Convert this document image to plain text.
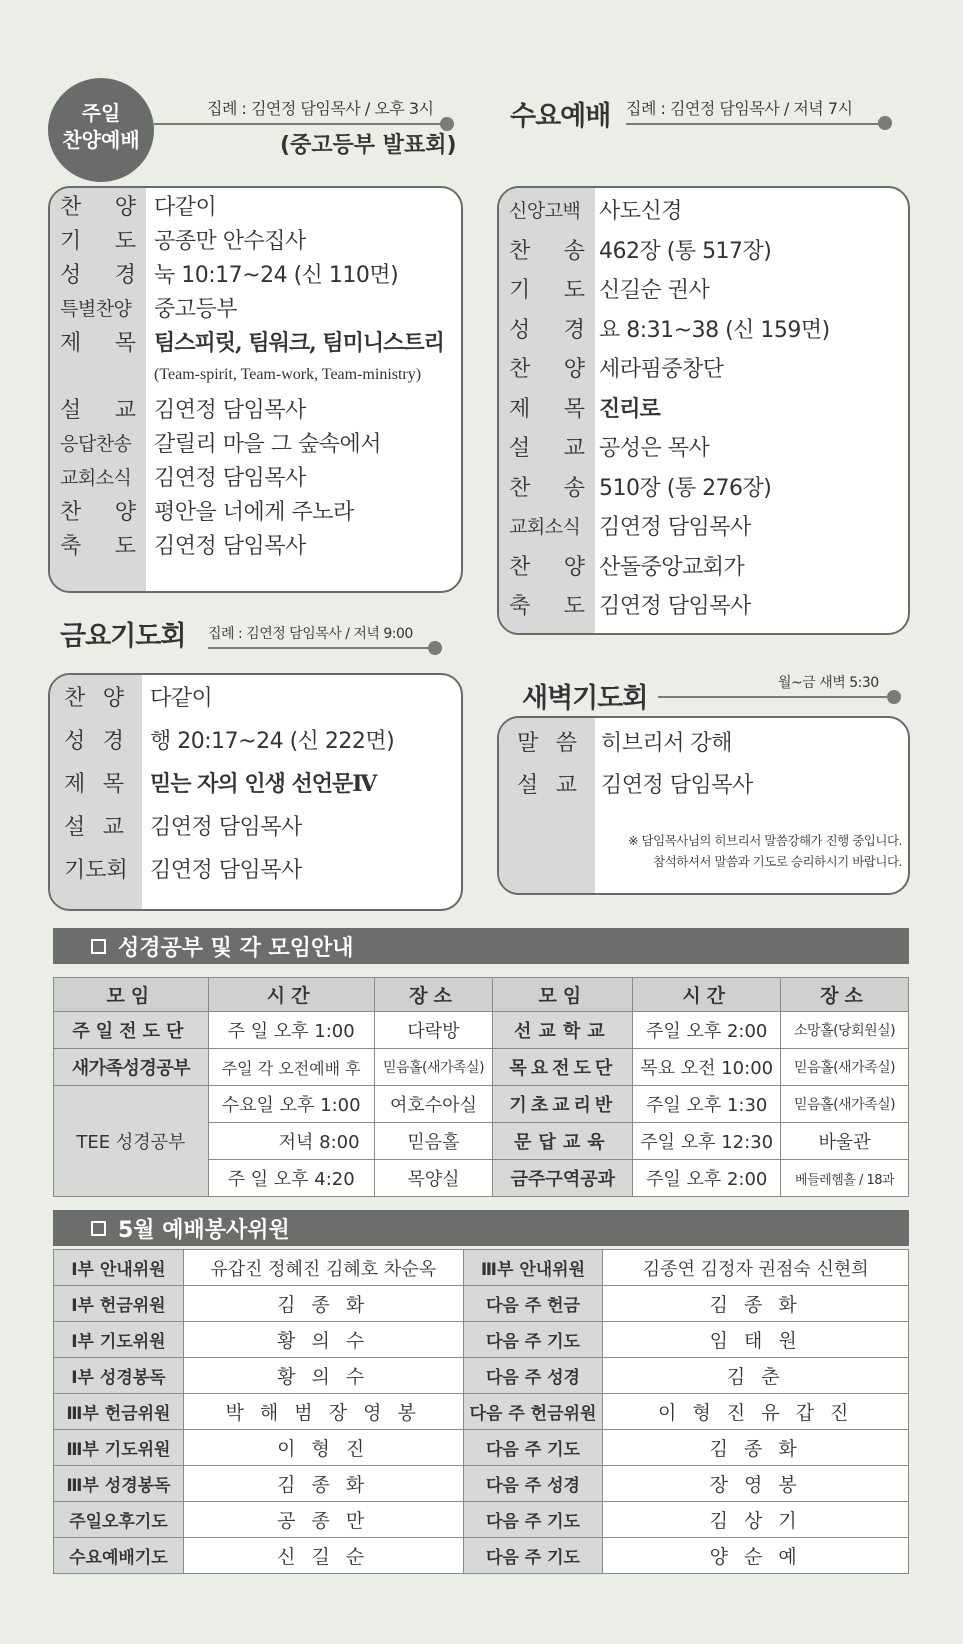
주일
찬양예배
집례 : 김연정 담임목사 / 오후 3시
(중고등부 발표회)
찬 양 다같이
기 도 공종만 안수집사
성 경 눅 10:17~24 (신 110면)
특별찬양 중고등부
제 목 팀스피릿, 팀워크, 팀미니스트리
(Team-spirit, Team-work, Team-ministry)
설 교 김연정 담임목사
응답찬송 갈릴리 마을 그 숲속에서
교회소식 김연정 담임목사
찬 양 평안을 너에게 주노라
축 도 김연정 담임목사
금요기도회 집례 : 김연정 담임목사 / 저녁 9:00
찬 양 다같이
성 경 행 20:17~24 (신 222면)
제 목 믿는 자의 인생 선언문Ⅳ
설 교 김연정 담임목사
기도회 김연정 담임목사
수요예배 집례 : 김연정 담임목사 / 저녁 7시
신앙고백 사도신경
찬 송 462장 (통 517장)
기 도 신길순 권사
성 경 요 8:31~38 (신 159면)
찬 양 세라핌중창단
제 목 진리로
설 교 공성은 목사
찬 송 510장 (통 276장)
교회소식 김연정 담임목사
찬 양 산돌중앙교회가
축 도 김연정 담임목사
새벽기도회	월~금 새벽 5:30
말 씀 히브리서 강해
설 교 김연정 담임목사
※ 담임목사님의 히브리서 말씀강해가 진행 중입니다.
참석하셔서 말씀과 기도로 승리하시기 바랍니다.
성경공부 및 각 모임안내
모임	시간	장소	모임	시간	장소
주일전도단	주 일 오후 1:00	다락방	선교학교	주일 오후 2:00	소망홀(당회원실)
새가족성경공부	주일 각 오전예배 후	믿음홀(새가족실)	목요전도단	목요 오전 10:00	믿음홀(새가족실)
TEE 성경공부	수요일 오후 1:00	여호수아실	기초교리반	주일 오후 1:30	믿음홀(새가족실)
	저녁 8:00	믿음홀	문답교육	주일 오후 12:30	바울관
	주 일 오후 4:20	목양실	금주구역공과	주일 오후 2:00	베들레헴홀 / 18과
5월 예배봉사위원
Ⅰ부 안내위원	유갑진 정혜진 김혜호 차순옥	Ⅲ부 안내위원	김종연 김정자 권점숙 신현희
Ⅰ부 헌금위원	김 종 화	다음 주 헌금	김 종 화
Ⅰ부 기도위원	황 의 수	다음 주 기도	임 태 원
Ⅰ부 성경봉독	황 의 수	다음 주 성경	김 춘
Ⅲ부 헌금위원	박 해 범 장 영 봉	다음 주 헌금위원	이 형 진 유 갑 진
Ⅲ부 기도위원	이 형 진	다음 주 기도	김 종 화
Ⅲ부 성경봉독	김 종 화	다음 주 성경	장 영 봉
주일오후기도	공 종 만	다음 주 기도	김 상 기
수요예배기도	신 길 순	다음 주 기도	양 순 예
